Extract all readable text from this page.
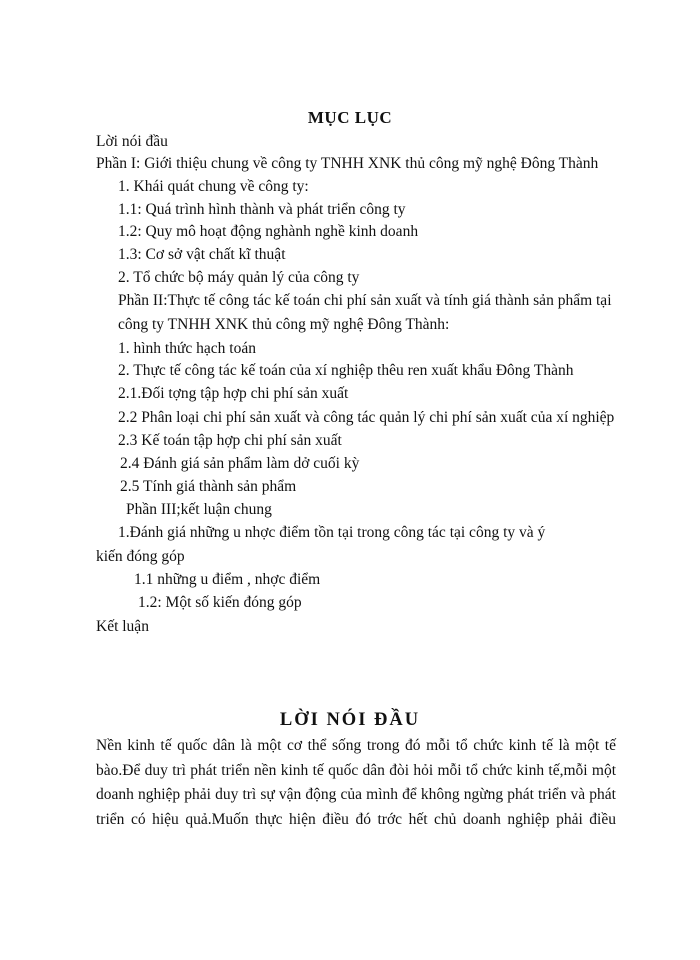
MỤC LỤC
Lời nói đầu
Phần I: Giới thiệu chung về công ty TNHH XNK thủ công mỹ nghệ Đông Thành
1. Khái quát chung về công ty:
1.1: Quá trình hình thành và phát triển công ty
1.2: Quy mô hoạt động nghành nghề kinh doanh
1.3: Cơ sở vật chất kĩ thuật
2. Tổ chức bộ máy quản lý của công ty
Phần II:Thực tế công tác kế toán chi phí sản xuất và tính giá thành sản phẩm tại
công ty TNHH XNK thủ công mỹ nghệ Đông Thành:
1. hình thức hạch toán
2. Thực tế công tác kế toán của xí nghiệp thêu ren xuất khẩu Đông Thành
2.1.Đối tợng tập hợp chi phí sản xuất
2.2 Phân loại chi phí sản xuất và công tác quản lý chi phí sản xuất của xí nghiệp
2.3 Kế toán tập hợp chi phí sản xuất
2.4 Đánh giá sản phẩm làm dở cuối kỳ
2.5 Tính giá thành sản phẩm
Phần III;kết luận chung
1.Đánh giá những u nhợc điểm tồn tại trong công tác tại công ty và ý
kiến đóng góp
1.1 những u điểm , nhợc điểm
1.2: Một số kiến đóng góp
Kết luận
LỜI NÓI ĐẦU
Nền kinh tế quốc dân là một cơ thể sống trong đó mỗi tổ chức kinh tế là một tế
bào.Để duy trì phát triển nền kinh tế quốc dân đòi hỏi mỗi tổ chức kinh tế,mỗi một
doanh nghiệp phải duy trì sự vận động của mình để không ngừng phát triển và phát
triển có hiệu quả.Muốn thực hiện điều đó trớc hết chủ doanh nghiệp phải điều
